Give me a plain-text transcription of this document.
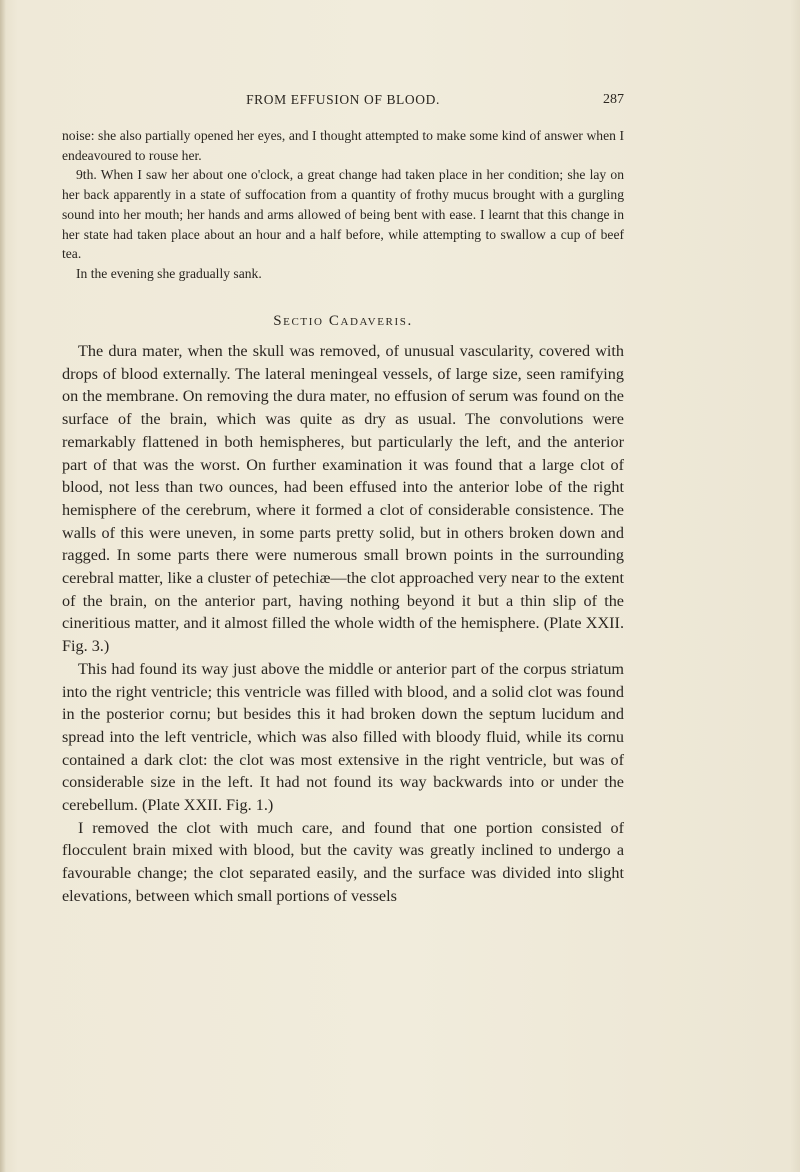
FROM EFFUSION OF BLOOD.	287

noise: she also partially opened her eyes, and I thought attempted to make some kind of answer when I endeavoured to rouse her.

9th. When I saw her about one o'clock, a great change had taken place in her condition; she lay on her back apparently in a state of suffocation from a quantity of frothy mucus brought with a gurgling sound into her mouth; her hands and arms allowed of being bent with ease. I learnt that this change in her state had taken place about an hour and a half before, while attempting to swallow a cup of beef tea.

In the evening she gradually sank.

Sectio Cadaveris.

The dura mater, when the skull was removed, of unusual vascularity, covered with drops of blood externally. The lateral meningeal vessels, of large size, seen ramifying on the membrane. On removing the dura mater, no effusion of serum was found on the surface of the brain, which was quite as dry as usual. The convolutions were remarkably flattened in both hemispheres, but particularly the left, and the anterior part of that was the worst. On further examination it was found that a large clot of blood, not less than two ounces, had been effused into the anterior lobe of the right hemisphere of the cerebrum, where it formed a clot of considerable consistence. The walls of this were uneven, in some parts pretty solid, but in others broken down and ragged. In some parts there were numerous small brown points in the surrounding cerebral matter, like a cluster of petechiæ—the clot approached very near to the extent of the brain, on the anterior part, having nothing beyond it but a thin slip of the cineritious matter, and it almost filled the whole width of the hemisphere. (Plate XXII. Fig. 3.)

This had found its way just above the middle or anterior part of the corpus striatum into the right ventricle; this ventricle was filled with blood, and a solid clot was found in the posterior cornu; but besides this it had broken down the septum lucidum and spread into the left ventricle, which was also filled with bloody fluid, while its cornu contained a dark clot: the clot was most extensive in the right ventricle, but was of considerable size in the left. It had not found its way backwards into or under the cerebellum. (Plate XXII. Fig. 1.)

I removed the clot with much care, and found that one portion consisted of flocculent brain mixed with blood, but the cavity was greatly inclined to undergo a favourable change; the clot separated easily, and the surface was divided into slight elevations, between which small portions of vessels
